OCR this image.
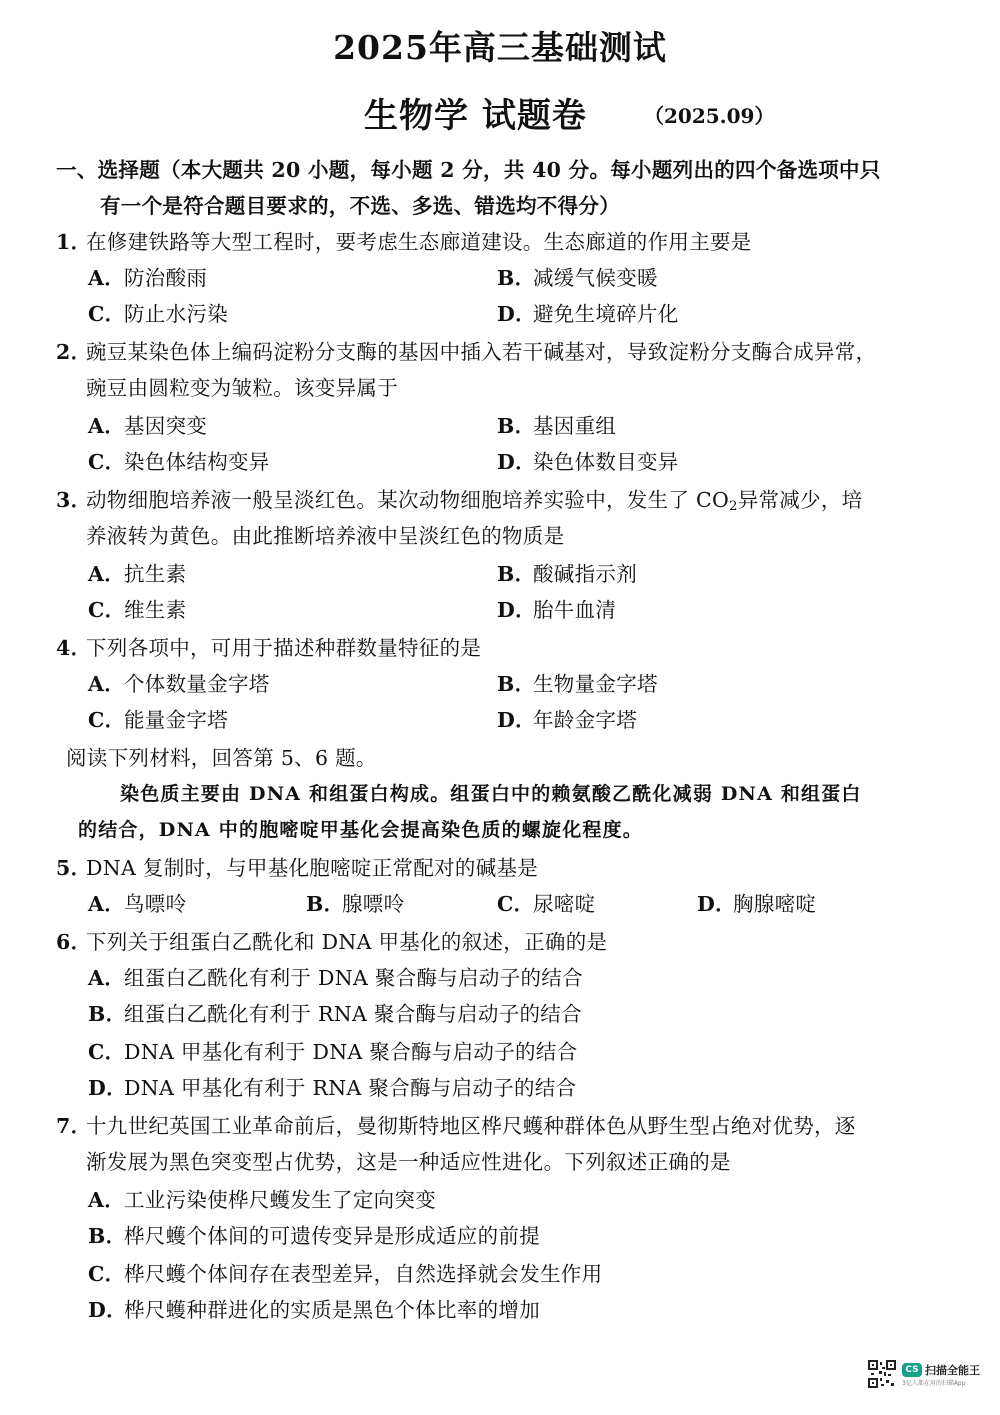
2025年高三基础测试
生物学 试题卷	（2025.09）
一、选择题（本大题共 20 小题，每小题 2 分，共 40 分。每小题列出的四个备选项中只
有一个是符合题目要求的，不选、多选、错选均不得分）
1．在修建铁路等大型工程时，要考虑生态廊道建设。生态廊道的作用主要是
A．防治酸雨	B．减缓气候变暖
C．防止水污染	D．避免生境碎片化
2．豌豆某染色体上编码淀粉分支酶的基因中插入若干碱基对，导致淀粉分支酶合成异常，
豌豆由圆粒变为皱粒。该变异属于
A．基因突变	B．基因重组
C．染色体结构变异	D．染色体数目变异
3．动物细胞培养液一般呈淡红色。某次动物细胞培养实验中，发生了 $CO_2$异常减少，培
养液转为黄色。由此推断培养液中呈淡红色的物质是
A．抗生素	B．酸碱指示剂
C．维生素	D．胎牛血清
4．下列各项中，可用于描述种群数量特征的是
A．个体数量金字塔	B．生物量金字塔
C．能量金字塔	D．年龄金字塔
阅读下列材料，回答第 5、6 题。
染色质主要由 DNA 和组蛋白构成。组蛋白中的赖氨酸乙酰化减弱 DNA 和组蛋白
的结合，DNA 中的胞嘧啶甲基化会提高染色质的螺旋化程度。
5．DNA 复制时，与甲基化胞嘧啶正常配对的碱基是
A．鸟嘌呤	B．腺嘌呤	C．尿嘧啶	D．胸腺嘧啶
6．下列关于组蛋白乙酰化和 DNA 甲基化的叙述，正确的是
A．组蛋白乙酰化有利于 DNA 聚合酶与启动子的结合
B．组蛋白乙酰化有利于 RNA 聚合酶与启动子的结合
C．DNA 甲基化有利于 DNA 聚合酶与启动子的结合
D．DNA 甲基化有利于 RNA 聚合酶与启动子的结合
7．十九世纪英国工业革命前后，曼彻斯特地区桦尺蠖种群体色从野生型占绝对优势，逐
渐发展为黑色突变型占优势，这是一种适应性进化。下列叙述正确的是
A．工业污染使桦尺蠖发生了定向突变
B．桦尺蠖个体间的可遗传变异是形成适应的前提
C．桦尺蠖个体间存在表型差异，自然选择就会发生作用
D．桦尺蠖种群进化的实质是黑色个体比率的增加
CS 扫描全能王
3亿人都在用的扫描App
